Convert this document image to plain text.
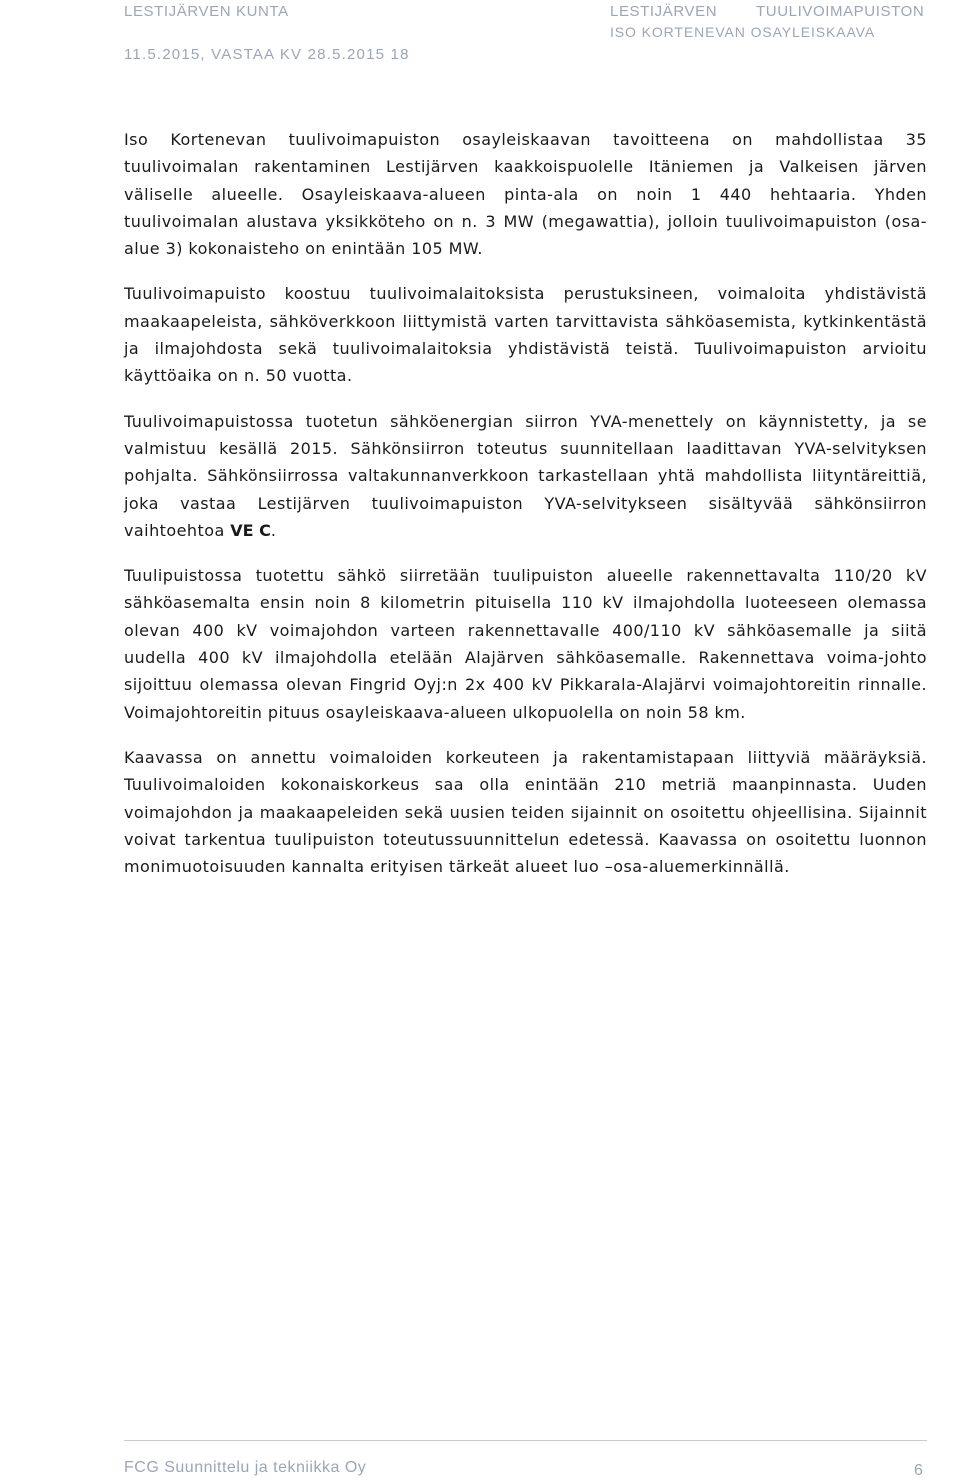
LESTIJÄRVEN KUNTA
11.5.2015, VASTAA KV 28.5.2015 18
LESTIJÄRVEN	TUULIVOIMAPUISTON
ISO KORTENEVAN OSAYLEISKAAVA

Iso Kortenevan tuulivoimapuiston osayleiskaavan tavoitteena on mahdollistaa 35 tuulivoimalan rakentaminen Lestijärven kaakkoispuolelle Itäniemen ja Valkeisen järven väliselle alueelle. Osayleiskaava-alueen pinta-ala on noin 1 440 hehtaaria. Yhden tuulivoimalan alustava yksikköteho on n. 3 MW (megawattia), jolloin tuulivoimapuiston (osa-alue 3) kokonaisteho on enintään 105 MW.

Tuulivoimapuisto koostuu tuulivoimalaitoksista perustuksineen, voimaloita yhdistävistä maakaapeleista, sähköverkkoon liittymistä varten tarvittavista sähköasemista, kytkinkentästä ja ilmajohdosta sekä tuulivoimalaitoksia yhdistävistä teistä. Tuulivoimapuiston arvioitu käyttöaika on n. 50 vuotta.

Tuulivoimapuistossa tuotetun sähköenergian siirron YVA-menettely on käynnistetty, ja se valmistuu kesällä 2015. Sähkönsiirron toteutus suunnitellaan laadittavan YVA-selvityksen pohjalta. Sähkönsiirrossa valtakunnanverkkoon tarkastellaan yhtä mahdollista liityntäreittiä, joka vastaa Lestijärven tuulivoimapuiston YVA-selvitykseen sisältyvää sähkönsiirron vaihtoehtoa VE C.

Tuulipuistossa tuotettu sähkö siirretään tuulipuiston alueelle rakennettavalta 110/20 kV sähköasemalta ensin noin 8 kilometrin pituisella 110 kV ilmajohdolla luoteeseen olemassa olevan 400 kV voimajohdon varteen rakennettavalle 400/110 kV sähköasemalle ja siitä uudella 400 kV ilmajohdolla etelään Alajärven sähköasemalle. Rakennettava voima-johto sijoittuu olemassa olevan Fingrid Oyj:n 2x 400 kV Pikkarala-Alajärvi voimajohtoreitin rinnalle. Voimajohtoreitin pituus osayleiskaava-alueen ulkopuolella on noin 58 km.

Kaavassa on annettu voimaloiden korkeuteen ja rakentamistapaan liittyviä määräyksiä. Tuulivoimaloiden kokonaiskorkeus saa olla enintään 210 metriä maanpinnasta. Uuden voimajohdon ja maakaapeleiden sekä uusien teiden sijainnit on osoitettu ohjeellisina. Sijainnit voivat tarkentua tuulipuiston toteutussuunnittelun edetessä. Kaavassa on osoitettu luonnon monimuotoisuuden kannalta erityisen tärkeät alueet luo –osa-aluemerkinnällä.

FCG Suunnittelu ja tekniikka Oy	6
